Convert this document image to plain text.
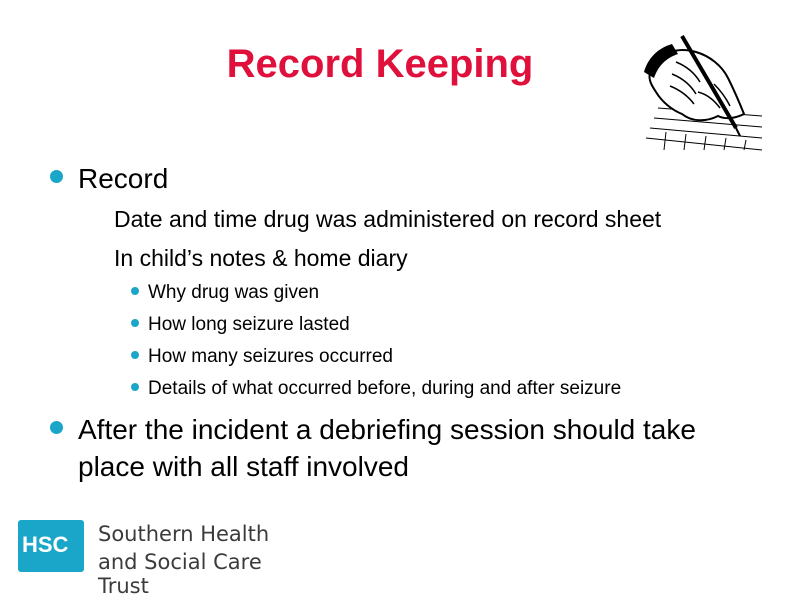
Record Keeping
Record
Date and time drug was administered on record sheet
In child’s notes & home diary
Why drug was given
How long seizure lasted
How many seizures occurred
Details of what occurred before, during and after seizure
After the incident a debriefing session should take
place with all staff involved
HSC Southern Health
and Social Care Trust
